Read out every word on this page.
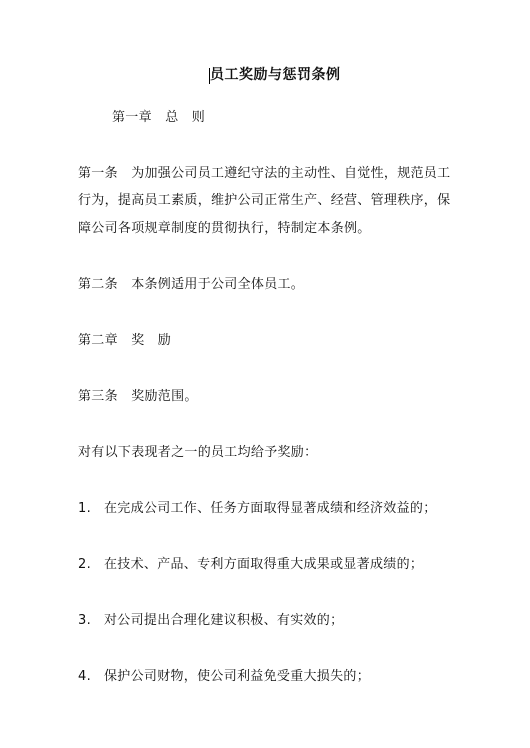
员工奖励与惩罚条例
第一章　总　则
第一条　为加强公司员工遵纪守法的主动性、自觉性，规范员工
行为，提高员工素质，维护公司正常生产、经营、管理秩序，保
障公司各项规章制度的贯彻执行，特制定本条例。
第二条　本条例适用于公司全体员工。
第二章　奖　励
第三条　奖励范围。
对有以下表现者之一的员工均给予奖励：
1. 在完成公司工作、任务方面取得显著成绩和经济效益的；
2. 在技术、产品、专利方面取得重大成果或显著成绩的；
3. 对公司提出合理化建议积极、有实效的；
4. 保护公司财物，使公司利益免受重大损失的；
